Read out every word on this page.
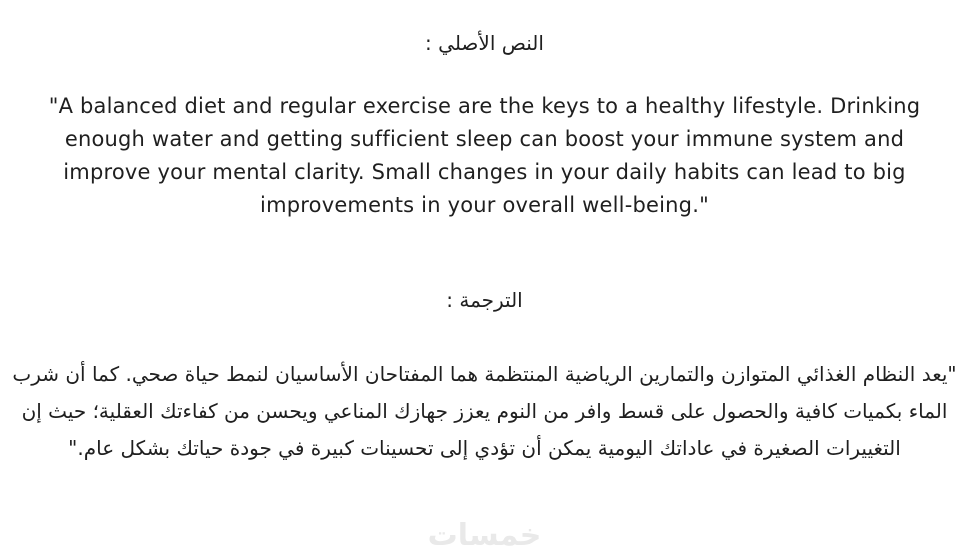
النص الأصلي :
"A balanced diet and regular exercise are the keys to a healthy lifestyle. Drinking enough water and getting sufficient sleep can boost your immune system and improve your mental clarity. Small changes in your daily habits can lead to big improvements in your overall well-being."
الترجمة :
"يعد النظام الغذائي المتوازن والتمارين الرياضية المنتظمة هما المفتاحان الأساسيان لنمط حياة صحي. كما أن شرب الماء بكميات كافية والحصول على قسط وافر من النوم يعزز جهازك المناعي ويحسن من كفاءتك العقلية؛ حيث إن التغييرات الصغيرة في عاداتك اليومية يمكن أن تؤدي إلى تحسينات كبيرة في جودة حياتك بشكل عام."
خمسات
